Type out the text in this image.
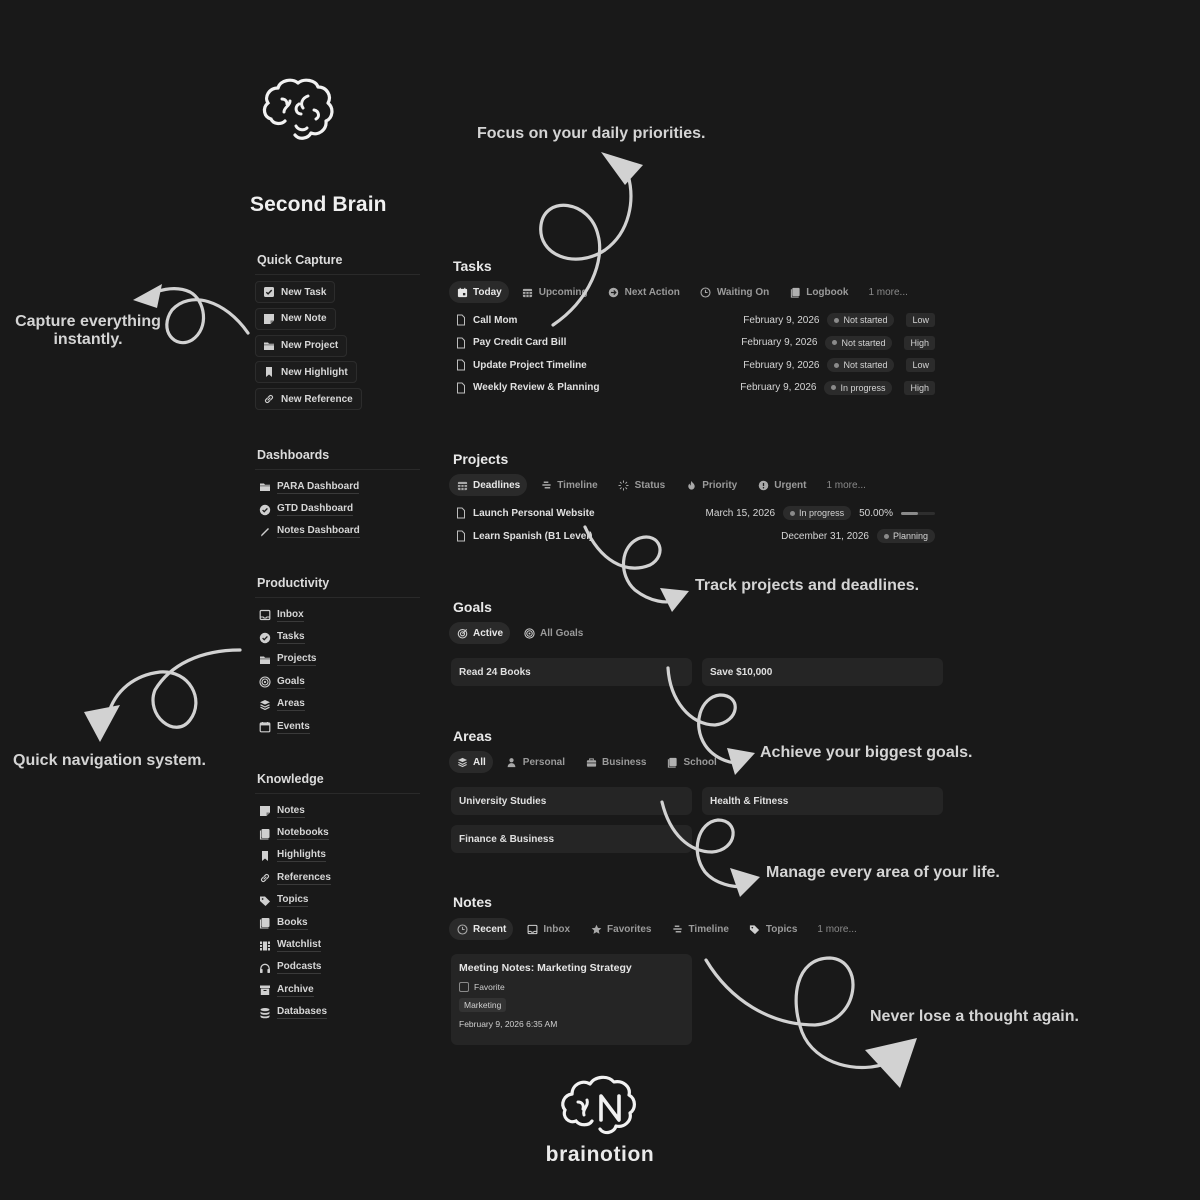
Second Brain
Quick Capture
New Task
New Note
New Project
New Highlight
New Reference
Dashboards
PARA Dashboard
GTD Dashboard
Notes Dashboard
Productivity
Inbox
Tasks
Projects
Goals
Areas
Events
Knowledge
Notes
Notebooks
Highlights
References
Topics
Books
Watchlist
Podcasts
Archive
Databases
Tasks
Today	Upcoming	Next Action	Waiting On	Logbook	1 more...
Call Mom	February 9, 2026	Not started	Low
Pay Credit Card Bill	February 9, 2026	Not started	High
Update Project Timeline	February 9, 2026	Not started	Low
Weekly Review & Planning	February 9, 2026	In progress	High
Projects
Deadlines	Timeline	Status	Priority	Urgent	1 more...
Launch Personal Website	March 15, 2026	In progress 50.00%
Learn Spanish (B1 Level)	December 31, 2026	Planning
Goals
Active	All Goals
Read 24 Books	Save $10,000
Areas
All	Personal	Business	School
University Studies	Health & Fitness
Finance & Business
Notes
Recent	Inbox	Favorites	Timeline	Topics	1 more...
Meeting Notes: Marketing Strategy
Favorite
Marketing
February 9, 2026 6:35 AM
Focus on your daily priorities.
Capture everything
instantly.
Track projects and deadlines.
Quick navigation system.	Achieve your biggest goals.
Manage every area of your life.
Never lose a thought again.
brainotion
